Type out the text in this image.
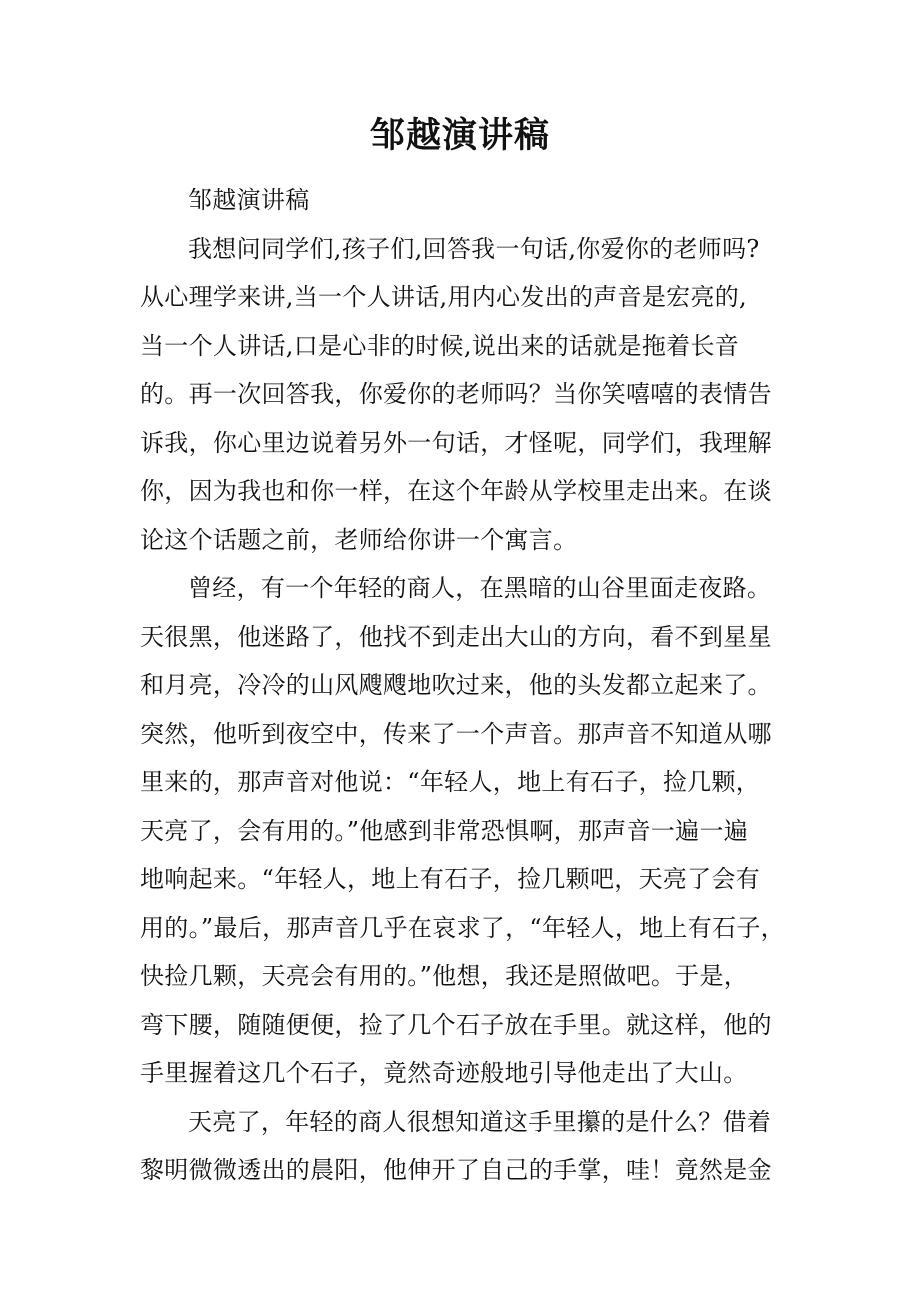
邹越演讲稿
邹越演讲稿
我想问同学们,孩子们,回答我一句话,你爱你的老师吗?
从心理学来讲,当一个人讲话,用内心发出的声音是宏亮的,
当一个人讲话,口是心非的时候,说出来的话就是拖着长音
的。再一次回答我，你爱你的老师吗？当你笑嘻嘻的表情告
诉我，你心里边说着另外一句话，才怪呢，同学们，我理解
你，因为我也和你一样，在这个年龄从学校里走出来。在谈
论这个话题之前，老师给你讲一个寓言。
曾经，有一个年轻的商人，在黑暗的山谷里面走夜路。
天很黑，他迷路了，他找不到走出大山的方向，看不到星星
和月亮，冷冷的山风飕飕地吹过来，他的头发都立起来了。
突然，他听到夜空中，传来了一个声音。那声音不知道从哪
里来的，那声音对他说：“年轻人，地上有石子，捡几颗，
天亮了，会有用的。”他感到非常恐惧啊，那声音一遍一遍
地响起来。“年轻人，地上有石子，捡几颗吧，天亮了会有
用的。”最后，那声音几乎在哀求了，“年轻人，地上有石子，
快捡几颗，天亮会有用的。”他想，我还是照做吧。于是，
弯下腰，随随便便，捡了几个石子放在手里。就这样，他的
手里握着这几个石子，竟然奇迹般地引导他走出了大山。
天亮了，年轻的商人很想知道这手里攥的是什么？借着
黎明微微透出的晨阳，他伸开了自己的手掌，哇！竟然是金
